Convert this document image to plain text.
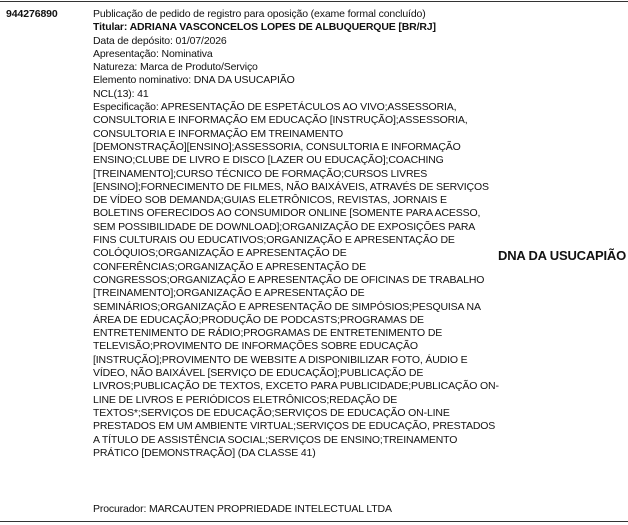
944276890	Publicação de pedido de registro para oposição (exame formal concluído)
Titular: ADRIANA VASCONCELOS LOPES DE ALBUQUERQUE [BR/RJ]
Data de depósito: 01/07/2026
Apresentação: Nominativa
Natureza: Marca de Produto/Serviço
Elemento nominativo: DNA DA USUCAPIÃO
NCL(13): 41
Especificação: APRESENTAÇÃO DE ESPETÁCULOS AO VIVO;ASSESSORIA,
CONSULTORIA E INFORMAÇÃO EM EDUCAÇÃO [INSTRUÇÃO];ASSESSORIA,
CONSULTORIA E INFORMAÇÃO EM TREINAMENTO
[DEMONSTRAÇÃO][ENSINO];ASSESSORIA, CONSULTORIA E INFORMAÇÃO
ENSINO;CLUBE DE LIVRO E DISCO [LAZER OU EDUCAÇÃO];COACHING
[TREINAMENTO];CURSO TÉCNICO DE FORMAÇÃO;CURSOS LIVRES
[ENSINO];FORNECIMENTO DE FILMES, NÃO BAIXÁVEIS, ATRAVÉS DE SERVIÇOS
DE VÍDEO SOB DEMANDA;GUIAS ELETRÔNICOS, REVISTAS, JORNAIS E
BOLETINS OFERECIDOS AO CONSUMIDOR ONLINE [SOMENTE PARA ACESSO,
SEM POSSIBILIDADE DE DOWNLOAD];ORGANIZAÇÃO DE EXPOSIÇÕES PARA
FINS CULTURAIS OU EDUCATIVOS;ORGANIZAÇÃO E APRESENTAÇÃO DE
COLÓQUIOS;ORGANIZAÇÃO E APRESENTAÇÃO DE
CONFERÊNCIAS;ORGANIZAÇÃO E APRESENTAÇÃO DE
CONGRESSOS;ORGANIZAÇÃO E APRESENTAÇÃO DE OFICINAS DE TRABALHO
[TREINAMENTO];ORGANIZAÇÃO E APRESENTAÇÃO DE
SEMINÁRIOS;ORGANIZAÇÃO E APRESENTAÇÃO DE SIMPÓSIOS;PESQUISA NA
ÁREA DE EDUCAÇÃO;PRODUÇÃO DE PODCASTS;PROGRAMAS DE
ENTRETENIMENTO DE RÁDIO;PROGRAMAS DE ENTRETENIMENTO DE
TELEVISÃO;PROVIMENTO DE INFORMAÇÕES SOBRE EDUCAÇÃO
[INSTRUÇÃO];PROVIMENTO DE WEBSITE A DISPONIBILIZAR FOTO, ÁUDIO E
VÍDEO, NÃO BAIXÁVEL [SERVIÇO DE EDUCAÇÃO];PUBLICAÇÃO DE
LIVROS;PUBLICAÇÃO DE TEXTOS, EXCETO PARA PUBLICIDADE;PUBLICAÇÃO ON-
LINE DE LIVROS E PERIÓDICOS ELETRÔNICOS;REDAÇÃO DE
TEXTOS*;SERVIÇOS DE EDUCAÇÃO;SERVIÇOS DE EDUCAÇÃO ON-LINE
PRESTADOS EM UM AMBIENTE VIRTUAL;SERVIÇOS DE EDUCAÇÃO, PRESTADOS
A TÍTULO DE ASSISTÊNCIA SOCIAL;SERVIÇOS DE ENSINO;TREINAMENTO
PRÁTICO [DEMONSTRAÇÃO] (DA CLASSE 41)
DNA DA USUCAPIÃO
Procurador: MARCAUTEN PROPRIEDADE INTELECTUAL LTDA
